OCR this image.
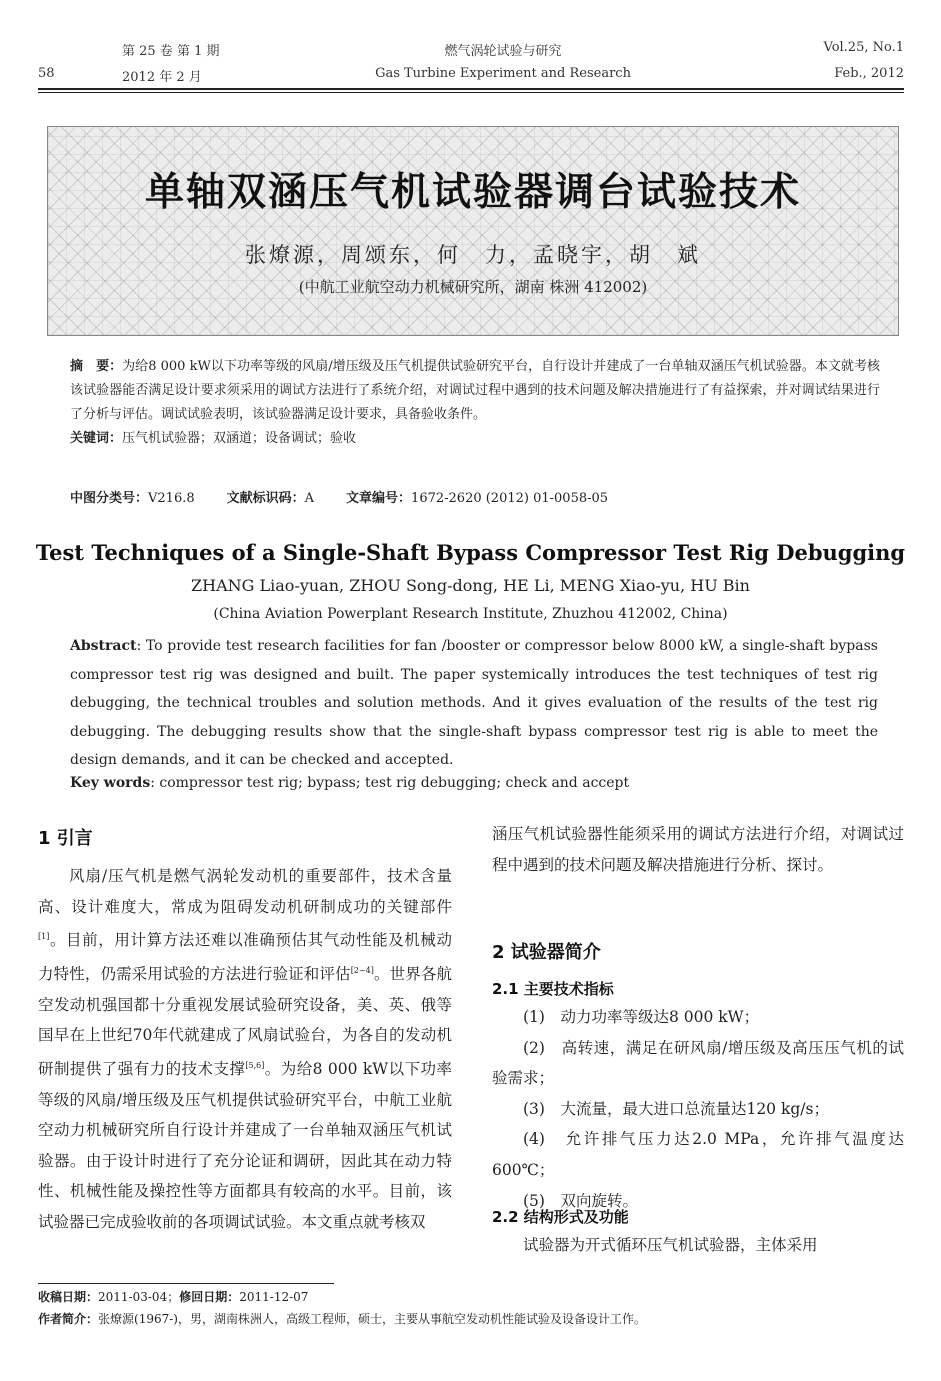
第 25 卷 第 1 期
58	2012 年 2 月
燃气涡轮试验与研究
Gas Turbine Experiment and Research
Vol.25, No.1
Feb., 2012
单轴双涵压气机试验器调台试验技术
张燎源，周颂东，何　力，孟晓宇，胡　斌
(中航工业航空动力机械研究所，湖南 株洲 412002)
摘　要：为给8 000 kW以下功率等级的风扇/增压级及压气机提供试验研究平台，自行设计并建成了一台单轴双涵压气机试验器。本文就考核该试验器能否满足设计要求须采用的调试方法进行了系统介绍，对调试过程中遇到的技术问题及解决措施进行了有益探索，并对调试结果进行了分析与评估。调试试验表明，该试验器满足设计要求，具备验收条件。
关键词：压气机试验器；双涵道；设备调试；验收
中图分类号：V216.8 文献标识码：A 文章编号：1672-2620 (2012) 01-0058-05
Test Techniques of a Single-Shaft Bypass Compressor Test Rig Debugging
ZHANG Liao-yuan, ZHOU Song-dong, HE Li, MENG Xiao-yu, HU Bin
(China Aviation Powerplant Research Institute, Zhuzhou 412002, China)
Abstract: To provide test research facilities for fan /booster or compressor below 8000 kW, a single-shaft bypass compressor test rig was designed and built. The paper systemically introduces the test techniques of test rig debugging, the technical troubles and solution methods. And it gives evaluation of the results of the test rig debugging. The debugging results show that the single-shaft bypass compressor test rig is able to meet the design demands, and it can be checked and accepted.
Key words: compressor test rig; bypass; test rig debugging; check and accept
1 引言
风扇/压气机是燃气涡轮发动机的重要部件，技术含量高、设计难度大，常成为阻碍发动机研制成功的关键部件[1]。目前，用计算方法还难以准确预估其气动性能及机械动力特性，仍需采用试验的方法进行验证和评估[2~4]。世界各航空发动机强国都十分重视发展试验研究设备，美、英、俄等国早在上世纪70年代就建成了风扇试验台，为各自的发动机研制提供了强有力的技术支撑[5,6]。为给8 000 kW以下功率等级的风扇/增压级及压气机提供试验研究平台，中航工业航空动力机械研究所自行设计并建成了一台单轴双涵压气机试验器。由于设计时进行了充分论证和调研，因此其在动力特性、机械性能及操控性等方面都具有较高的水平。目前，该试验器已完成验收前的各项调试试验。本文重点就考核双
涵压气机试验器性能须采用的调试方法进行介绍，对调试过程中遇到的技术问题及解决措施进行分析、探讨。
2 试验器简介
2.1 主要技术指标
(1)　动力功率等级达8 000 kW；
(2)　高转速，满足在研风扇/增压级及高压压气机的试验需求；
(3)　大流量，最大进口总流量达120 kg/s；
(4)　允许排气压力达2.0 MPa，允许排气温度达600℃；
(5)　双向旋转。
2.2 结构形式及功能
试验器为开式循环压气机试验器，主体采用
收稿日期：2011-03-04；修回日期：2011-12-07
作者简介：张燎源(1967-)，男，湖南株洲人，高级工程师，硕士，主要从事航空发动机性能试验及设备设计工作。
